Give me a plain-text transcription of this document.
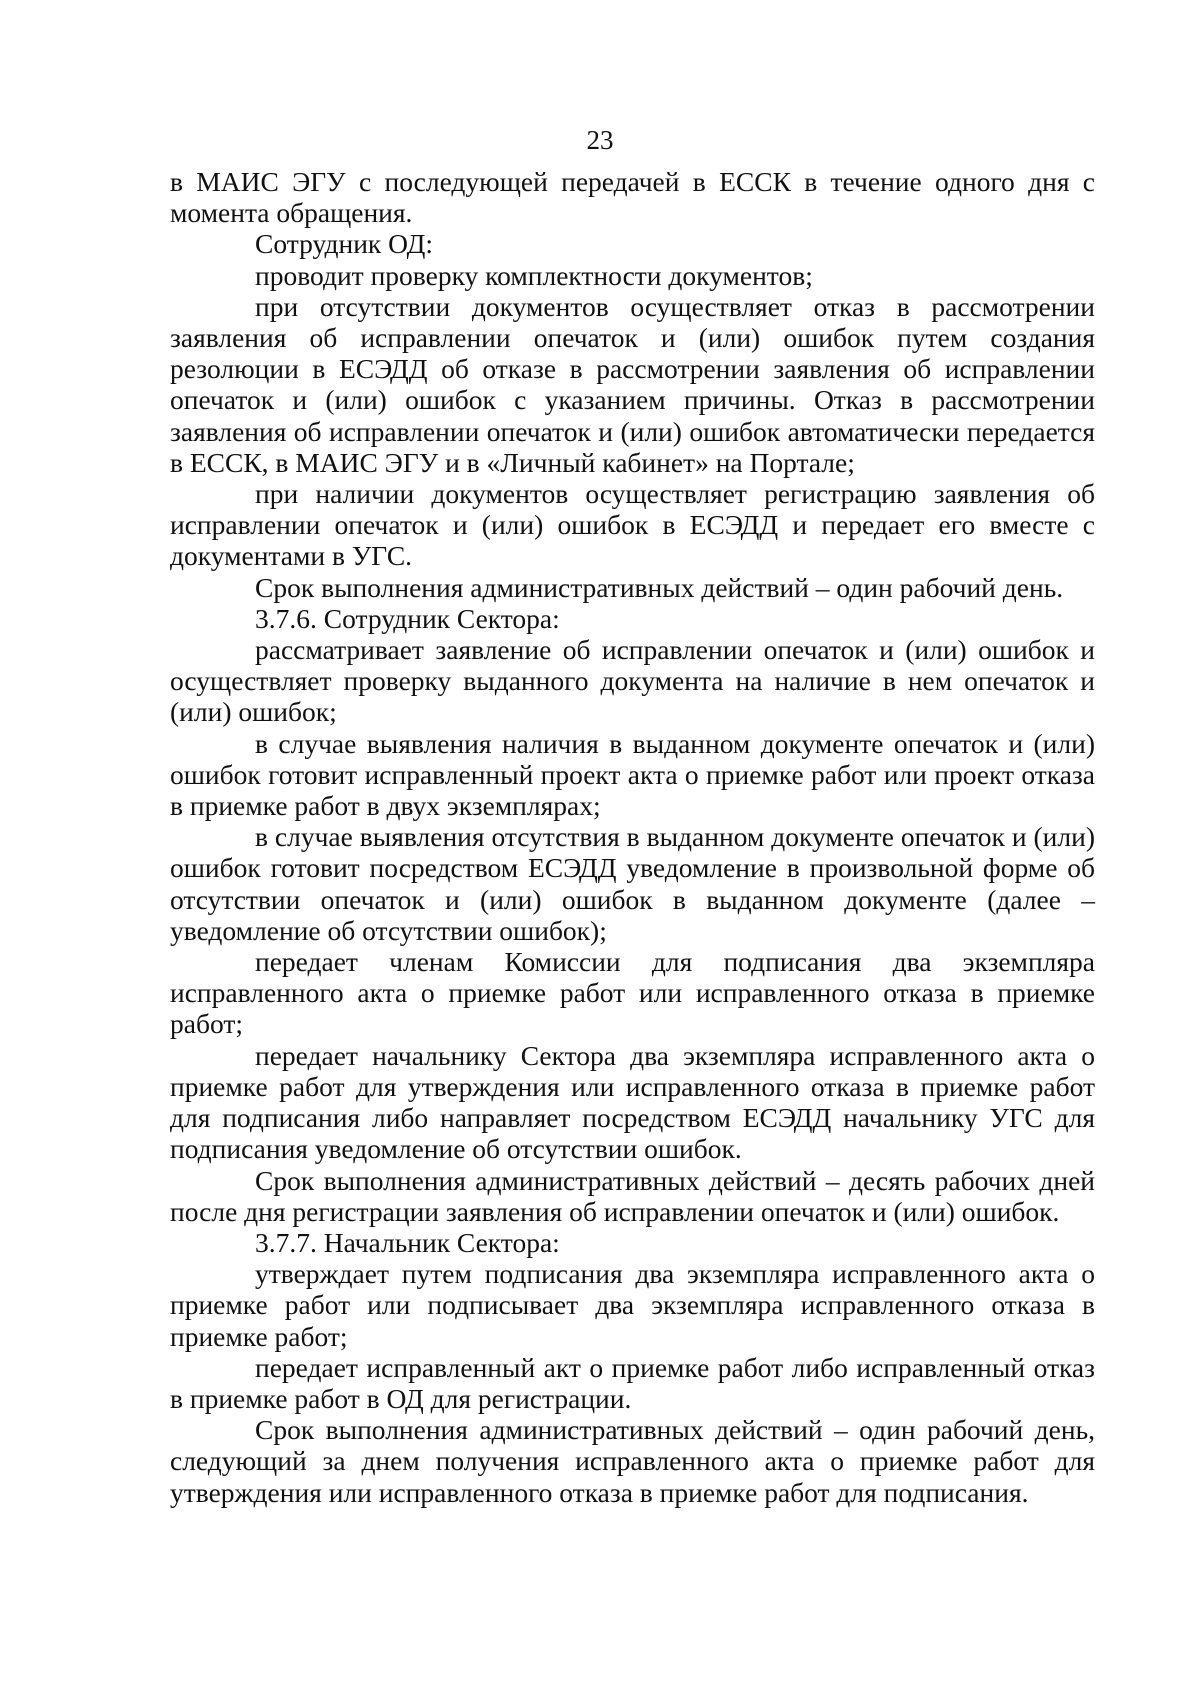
23

в МАИС ЭГУ с последующей передачей в ЕССК в течение одного дня с момента обращения.

Сотрудник ОД:

проводит проверку комплектности документов;

при отсутствии документов осуществляет отказ в рассмотрении заявления об исправлении опечаток и (или) ошибок путем создания резолюции в ЕСЭДД об отказе в рассмотрении заявления об исправлении опечаток и (или) ошибок с указанием причины. Отказ в рассмотрении заявления об исправлении опечаток и (или) ошибок автоматически передается в ЕССК, в МАИС ЭГУ и в «Личный кабинет» на Портале;

при наличии документов осуществляет регистрацию заявления об исправлении опечаток и (или) ошибок в ЕСЭДД и передает его вместе с документами в УГС.

Срок выполнения административных действий – один рабочий день.

3.7.6. Сотрудник Сектора:

рассматривает заявление об исправлении опечаток и (или) ошибок и осуществляет проверку выданного документа на наличие в нем опечаток и (или) ошибок;

в случае выявления наличия в выданном документе опечаток и (или) ошибок готовит исправленный проект акта о приемке работ или проект отказа в приемке работ в двух экземплярах;

в случае выявления отсутствия в выданном документе опечаток и (или) ошибок готовит посредством ЕСЭДД уведомление в произвольной форме об отсутствии опечаток и (или) ошибок в выданном документе (далее – уведомление об отсутствии ошибок);

передает членам Комиссии для подписания два экземпляра исправленного акта о приемке работ или исправленного отказа в приемке работ;

передает начальнику Сектора два экземпляра исправленного акта о приемке работ для утверждения или исправленного отказа в приемке работ для подписания либо направляет посредством ЕСЭДД начальнику УГС для подписания уведомление об отсутствии ошибок.

Срок выполнения административных действий – десять рабочих дней после дня регистрации заявления об исправлении опечаток и (или) ошибок.

3.7.7. Начальник Сектора:

утверждает путем подписания два экземпляра исправленного акта о приемке работ или подписывает два экземпляра исправленного отказа в приемке работ;

передает исправленный акт о приемке работ либо исправленный отказ в приемке работ в ОД для регистрации.

Срок выполнения административных действий – один рабочий день, следующий за днем получения исправленного акта о приемке работ для утверждения или исправленного отказа в приемке работ для подписания.
